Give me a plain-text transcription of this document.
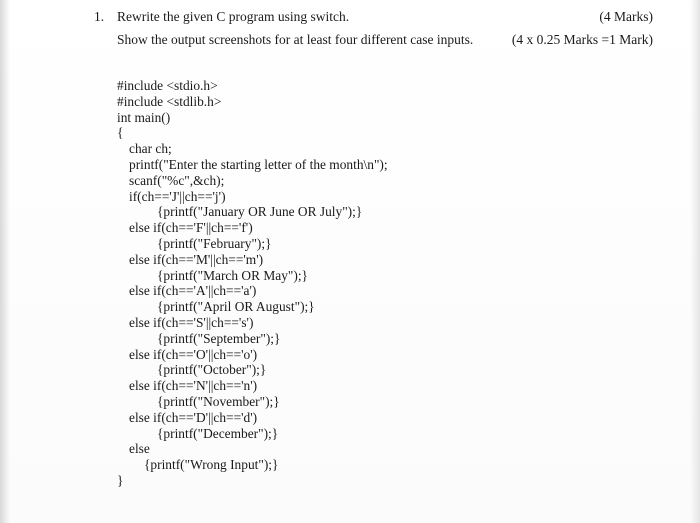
1. Rewrite the given C program using switch.	(4 Marks)
Show the output screenshots for at least four different case inputs.	(4 x 0.25 Marks =1 Mark)
#include <stdio.h>
#include <stdlib.h>
int main()
{
char ch;
printf("Enter the starting letter of the month\n");
scanf("%c",&ch);
if(ch=='J'||ch=='j')
{printf("January OR June OR July");}
else if(ch=='F'||ch=='f')
{printf("February");}
else if(ch=='M'||ch=='m')
{printf("March OR May");}
else if(ch=='A'||ch=='a')
{printf("April OR August");}
else if(ch=='S'||ch=='s')
{printf("September");}
else if(ch=='O'||ch=='o')
{printf("October");}
else if(ch=='N'||ch=='n')
{printf("November");}
else if(ch=='D'||ch=='d')
{printf("December");}
else
{printf("Wrong Input");}
}
